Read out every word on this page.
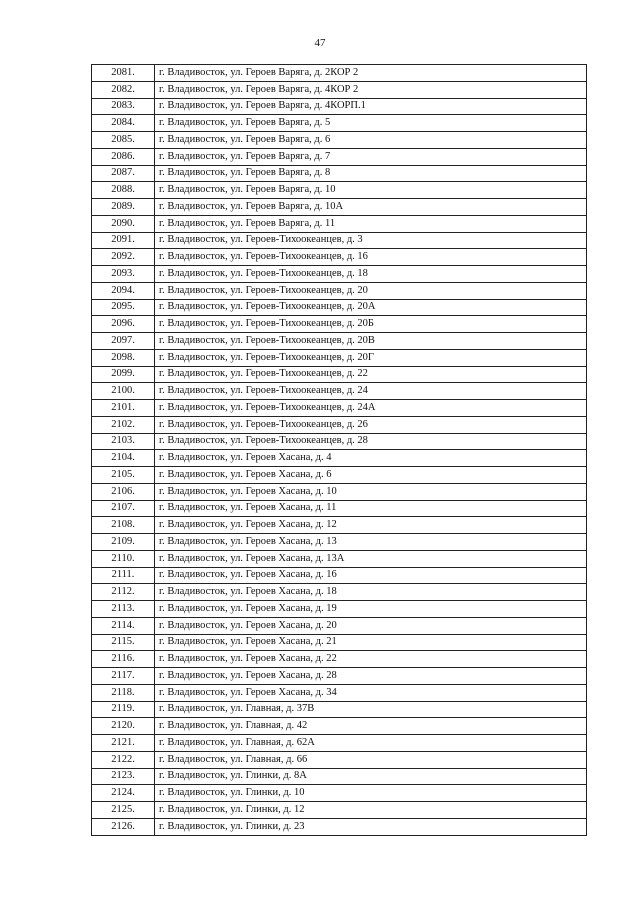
47
2081.	г. Владивосток, ул. Героев Варяга, д. 2КОР 2
2082.	г. Владивосток, ул. Героев Варяга, д. 4КОР 2
2083.	г. Владивосток, ул. Героев Варяга, д. 4КОРП.1
2084.	г. Владивосток, ул. Героев Варяга, д. 5
2085.	г. Владивосток, ул. Героев Варяга, д. 6
2086.	г. Владивосток, ул. Героев Варяга, д. 7
2087.	г. Владивосток, ул. Героев Варяга, д. 8
2088.	г. Владивосток, ул. Героев Варяга, д. 10
2089.	г. Владивосток, ул. Героев Варяга, д. 10А
2090.	г. Владивосток, ул. Героев Варяга, д. 11
2091.	г. Владивосток, ул. Героев-Тихоокеанцев, д. 3
2092.	г. Владивосток, ул. Героев-Тихоокеанцев, д. 16
2093.	г. Владивосток, ул. Героев-Тихоокеанцев, д. 18
2094.	г. Владивосток, ул. Героев-Тихоокеанцев, д. 20
2095.	г. Владивосток, ул. Героев-Тихоокеанцев, д. 20А
2096.	г. Владивосток, ул. Героев-Тихоокеанцев, д. 20Б
2097.	г. Владивосток, ул. Героев-Тихоокеанцев, д. 20В
2098.	г. Владивосток, ул. Героев-Тихоокеанцев, д. 20Г
2099.	г. Владивосток, ул. Героев-Тихоокеанцев, д. 22
2100.	г. Владивосток, ул. Героев-Тихоокеанцев, д. 24
2101.	г. Владивосток, ул. Героев-Тихоокеанцев, д. 24А
2102.	г. Владивосток, ул. Героев-Тихоокеанцев, д. 26
2103.	г. Владивосток, ул. Героев-Тихоокеанцев, д. 28
2104.	г. Владивосток, ул. Героев Хасана, д. 4
2105.	г. Владивосток, ул. Героев Хасана, д. 6
2106.	г. Владивосток, ул. Героев Хасана, д. 10
2107.	г. Владивосток, ул. Героев Хасана, д. 11
2108.	г. Владивосток, ул. Героев Хасана, д. 12
2109.	г. Владивосток, ул. Героев Хасана, д. 13
2110.	г. Владивосток, ул. Героев Хасана, д. 13А
2111.	г. Владивосток, ул. Героев Хасана, д. 16
2112.	г. Владивосток, ул. Героев Хасана, д. 18
2113.	г. Владивосток, ул. Героев Хасана, д. 19
2114.	г. Владивосток, ул. Героев Хасана, д. 20
2115.	г. Владивосток, ул. Героев Хасана, д. 21
2116.	г. Владивосток, ул. Героев Хасана, д. 22
2117.	г. Владивосток, ул. Героев Хасана, д. 28
2118.	г. Владивосток, ул. Героев Хасана, д. 34
2119.	г. Владивосток, ул. Главная, д. 37В
2120.	г. Владивосток, ул. Главная, д. 42
2121.	г. Владивосток, ул. Главная, д. 62А
2122.	г. Владивосток, ул. Главная, д. 66
2123.	г. Владивосток, ул. Глинки, д. 8А
2124.	г. Владивосток, ул. Глинки, д. 10
2125.	г. Владивосток, ул. Глинки, д. 12
2126.	г. Владивосток, ул. Глинки, д. 23
